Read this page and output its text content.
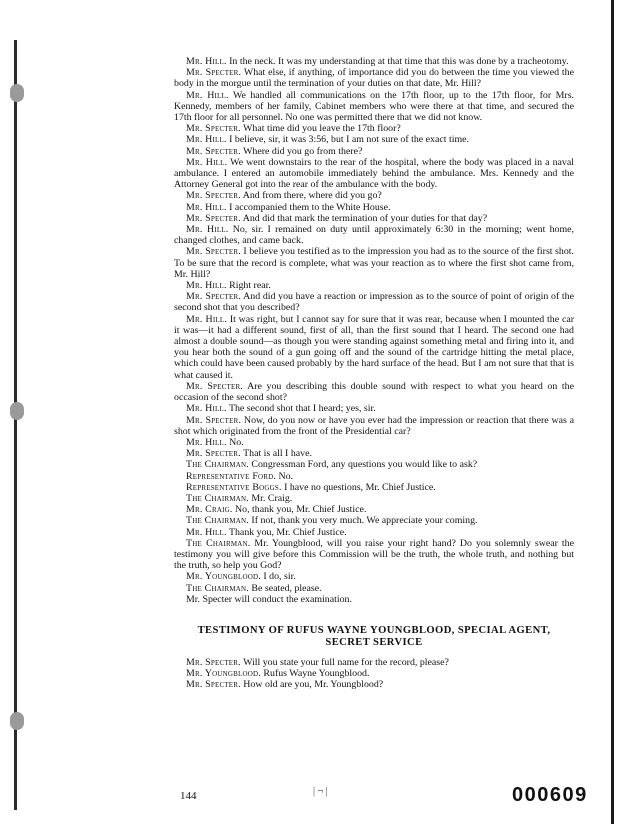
Mr. Hill. In the neck. It was my understanding at that time that this was done by a tracheotomy.

Mr. Specter. What else, if anything, of importance did you do between the time you viewed the body in the morgue until the termination of your duties on that date, Mr. Hill?

Mr. Hill. We handled all communications on the 17th floor, up to the 17th floor, for Mrs. Kennedy, members of her family, Cabinet members who were there at that time, and secured the 17th floor for all personnel. No one was permitted there that we did not know.

Mr. Specter. What time did you leave the 17th floor?

Mr. Hill. I believe, sir, it was 3:56, but I am not sure of the exact time.

Mr. Specter. Where did you go from there?

Mr. Hill. We went downstairs to the rear of the hospital, where the body was placed in a naval ambulance. I entered an automobile immediately behind the ambulance. Mrs. Kennedy and the Attorney General got into the rear of the ambulance with the body.

Mr. Specter. And from there, where did you go?

Mr. Hill. I accompanied them to the White House.

Mr. Specter. And did that mark the termination of your duties for that day?

Mr. Hill. No, sir. I remained on duty until approximately 6:30 in the morning; went home, changed clothes, and came back.

Mr. Specter. I believe you testified as to the impression you had as to the source of the first shot. To be sure that the record is complete, what was your reaction as to where the first shot came from, Mr. Hill?

Mr. Hill. Right rear.

Mr. Specter. And did you have a reaction or impression as to the source of point of origin of the second shot that you described?

Mr. Hill. It was right, but I cannot say for sure that it was rear, because when I mounted the car it was—it had a different sound, first of all, than the first sound that I heard. The second one had almost a double sound—as though you were standing against something metal and firing into it, and you hear both the sound of a gun going off and the sound of the cartridge hitting the metal place, which could have been caused probably by the hard surface of the head. But I am not sure that that is what caused it.

Mr. Specter. Are you describing this double sound with respect to what you heard on the occasion of the second shot?

Mr. Hill. The second shot that I heard; yes, sir.

Mr. Specter. Now, do you now or have you ever had the impression or reaction that there was a shot which originated from the front of the Presidential car?

Mr. Hill. No.

Mr. Specter. That is all I have.

The Chairman. Congressman Ford, any questions you would like to ask?

Representative Ford. No.

Representative Boggs. I have no questions, Mr. Chief Justice.

The Chairman. Mr. Craig.

Mr. Craig. No, thank you, Mr. Chief Justice.

The Chairman. If not, thank you very much. We appreciate your coming.

Mr. Hill. Thank you, Mr. Chief Justice.

The Chairman. Mr. Youngblood, will you raise your right hand? Do you solemnly swear the testimony you will give before this Commission will be the truth, the whole truth, and nothing but the truth, so help you God?

Mr. Youngblood. I do, sir.

The Chairman. Be seated, please.

Mr. Specter will conduct the examination.

TESTIMONY OF RUFUS WAYNE YOUNGBLOOD, SPECIAL AGENT,
SECRET SERVICE

Mr. Specter. Will you state your full name for the record, please?

Mr. Youngblood. Rufus Wayne Youngblood.

Mr. Specter. How old are you, Mr. Youngblood?

144	| ¬ |	000609
